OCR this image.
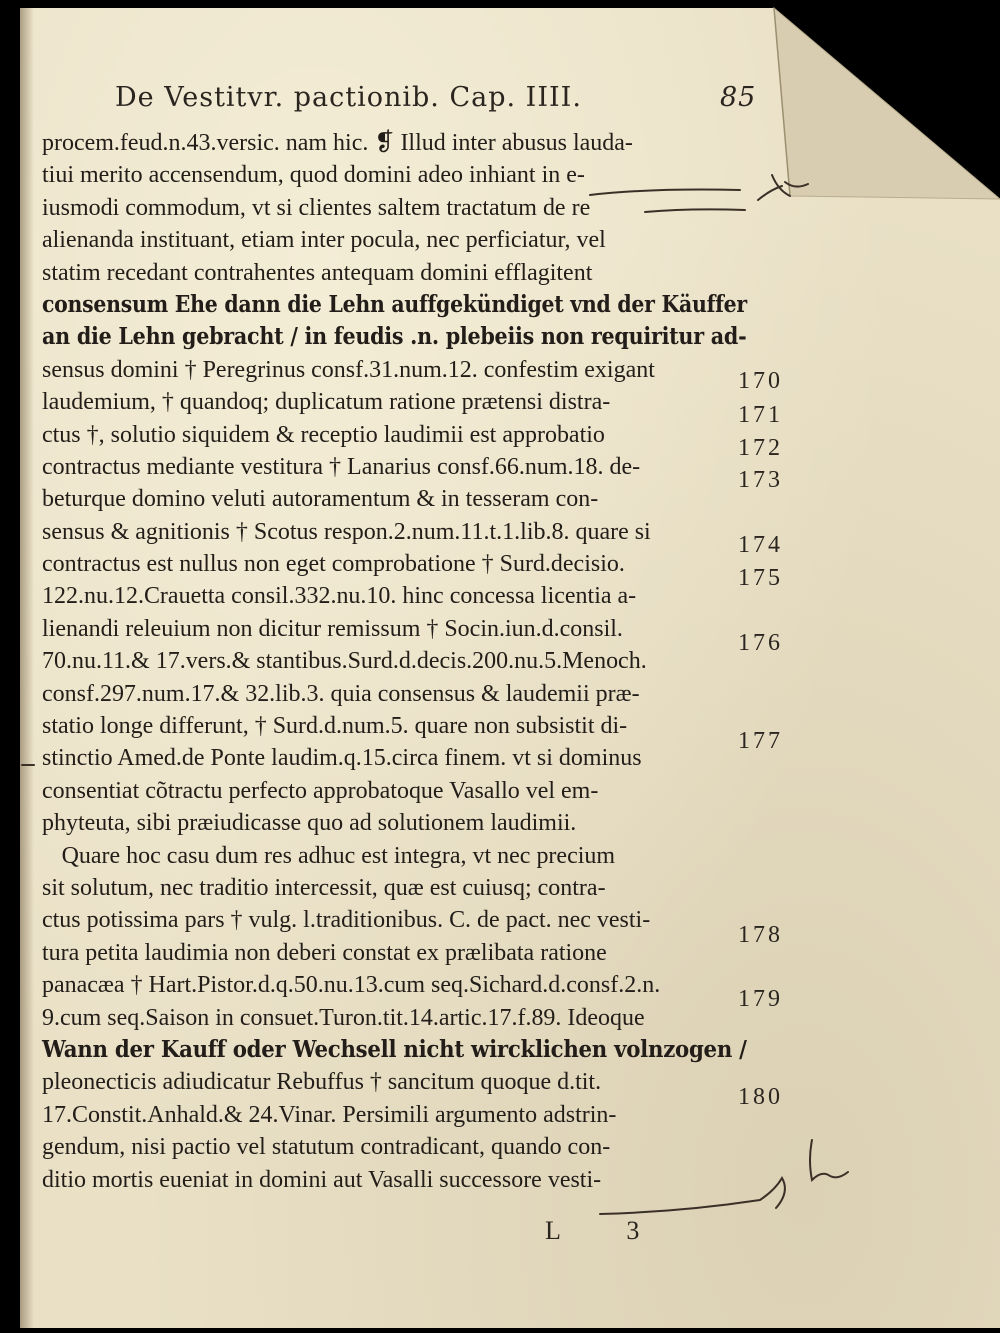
De Vestitvr. pactionib. Cap. IIII.	85
procem.feud.n.43.versic. nam hic. ❡ Illud inter abusus lauda-
tiui merito accensendum, quod domini adeo inhiant in e-
iusmodi commodum, vt si clientes saltem tractatum de re
alienanda instituant, etiam inter pocula, nec perficiatur, vel
statim recedant contrahentes antequam domini efflagitent
consensum Ehe dann die Lehn auffgekündiget vnd der Käuffer
an die Lehn gebracht / in feudis .n. plebeiis non requiritur ad-
sensus domini † Peregrinus consf.31.num.12. confestim exigant
laudemium, † quandoq; duplicatum ratione prætensi distra-
ctus †, solutio siquidem & receptio laudimii est approbatio
contractus mediante vestitura † Lanarius consf.66.num.18. de-
beturque domino veluti autoramentum & in tesseram con-
sensus & agnitionis † Scotus respon.2.num.11.t.1.lib.8. quare si
contractus est nullus non eget comprobatione † Surd.decisio.
122.nu.12.Crauetta consil.332.nu.10. hinc concessa licentia a-
lienandi releuium non dicitur remissum † Socin.iun.d.consil.
70.nu.11.& 17.vers.& stantibus.Surd.d.decis.200.nu.5.Menoch.
consf.297.num.17.& 32.lib.3. quia consensus & laudemii præ-
statio longe differunt, † Surd.d.num.5. quare non subsistit di-
stinctio Amed.de Ponte laudim.q.15.circa finem. vt si dominus
consentiat cõtractu perfecto approbatoque Vasallo vel em-
phyteuta, sibi præiudicasse quo ad solutionem laudimii.
Quare hoc casu dum res adhuc est integra, vt nec precium
sit solutum, nec traditio intercessit, quæ est cuiusq; contra-
ctus potissima pars † vulg. l.traditionibus. C. de pact. nec vesti-
tura petita laudimia non deberi constat ex prælibata ratione
panacæa † Hart.Pistor.d.q.50.nu.13.cum seq.Sichard.d.consf.2.n.
9.cum seq.Saison in consuet.Turon.tit.14.artic.17.f.89. Ideoque
Wann der Kauff oder Wechsell nicht wircklichen volnzogen /
pleonecticis adiudicatur Rebuffus † sancitum quoque d.tit.
17.Constit.Anhald.& 24.Vinar. Persimili argumento adstrin-
gendum, nisi pactio vel statutum contradicant, quando con-
ditio mortis eueniat in domini aut Vasalli successore vesti-
170
171
172
173
174
175
176
177
178
179
180
L 3
